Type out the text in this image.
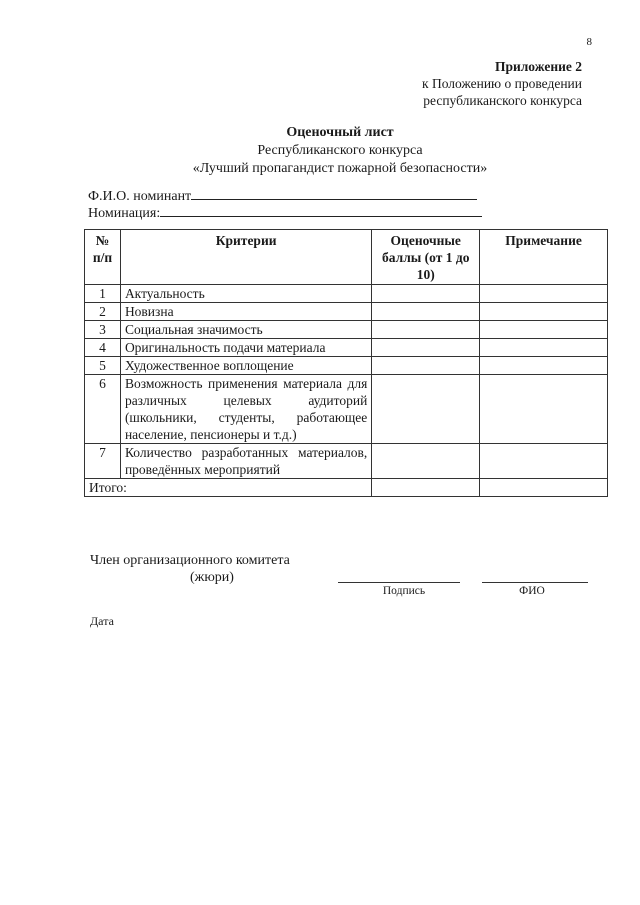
8
Приложение 2
к Положению о проведении
республиканского конкурса
Оценочный лист
Республиканского конкурса
«Лучший пропагандист пожарной безопасности»
Ф.И.О. номинант
Номинация:
№ п/п	Критерии	Оценочные баллы (от 1 до 10)	Примечание
1	Актуальность		
2	Новизна		
3	Социальная значимость		
4	Оригинальность подачи материала		
5	Художественное воплощение		
6	Возможность применения материала для различных целевых аудиторий (школьники, студенты, работающее население, пенсионеры и т.д.)		
7	Количество разработанных материалов, проведённых мероприятий		
Итого:			
Член организационного комитета
(жюри)
Подпись	ФИО
Дата
